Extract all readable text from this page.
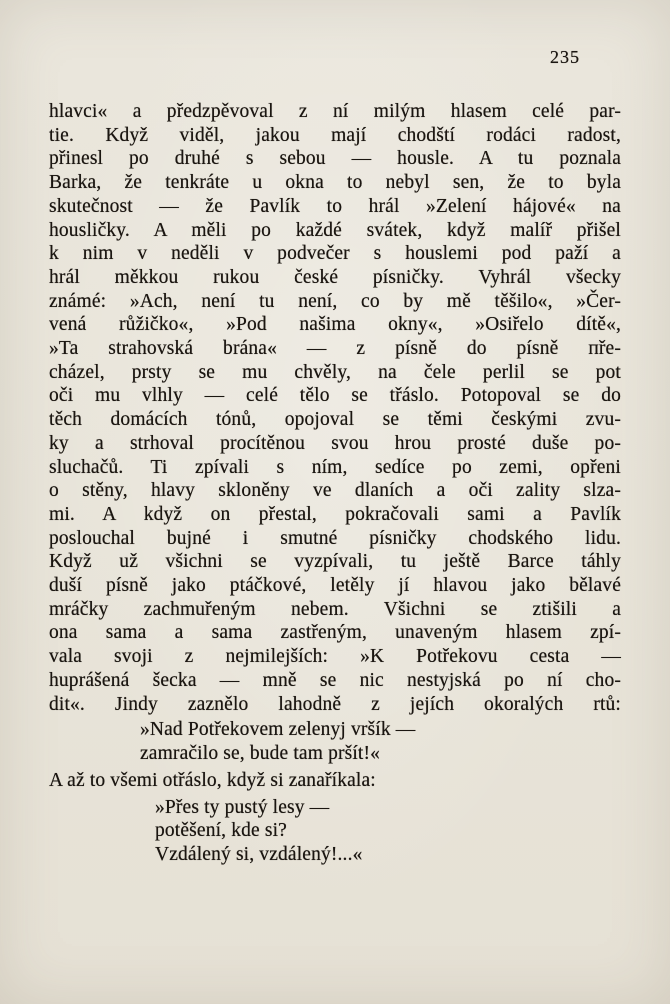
235
hlavci« a předzpěvoval z ní milým hlasem celé par-
tie. Když viděl, jakou mají chodští rodáci radost,
přinesl po druhé s sebou — housle. A tu poznala
Barka, že tenkráte u okna to nebyl sen, že to byla
skutečnost — že Pavlík to hrál »Zelení hájové« na
housličky. A měli po každé svátek, když malíř přišel
k nim v neděli v podvečer s houslemi pod paží a
hrál měkkou rukou české písničky. Vyhrál všecky
známé: »Ach, není tu není, co by mě těšilo«, »Čer-
vená růžičko«, »Pod našima okny«, »Osiřelo dítě«,
»Ta strahovská brána« — z písně do písně пře-
cházel, prsty se mu chvěly, na čele perlil se pot
oči mu vlhly — celé tělo se třáslo. Potopoval se do
těch domácích tónů, opojoval se těmi českými zvu-
ky a strhoval procítěnou svou hrou prosté duše po-
sluchačů. Ti zpívali s ním, sedíce po zemi, opřeni
o stěny, hlavy skloněny ve dlaních a oči zality slza-
mi. A když on přestal, pokračovali sami a Pavlík
poslouchal bujné i smutné písničky chodského lidu.
Když už všichni se vyzpívali, tu ještě Barce táhly
duší písně jako ptáčkové, letěly jí hlavou jako bělavé
mráčky zachmuřeným nebem. Všichni se ztišili a
ona sama a sama zastřeným, unaveným hlasem zpí-
vala svoji z nejmilejších: »K Potřekovu cesta —
huprášená šecka — mně se nic nestyjská po ní cho-
dit«. Jindy zaznělo lahodně z jejích okoralých rtů:
»Nad Potřekovem zelenyj vršík —
zamračilo se, bude tam pršít!«
A až to všemi otřáslo, když si zanaříkala:
»Přes ty pustý lesy —
potěšení, kde si?
Vzdálený si, vzdálený!...«
